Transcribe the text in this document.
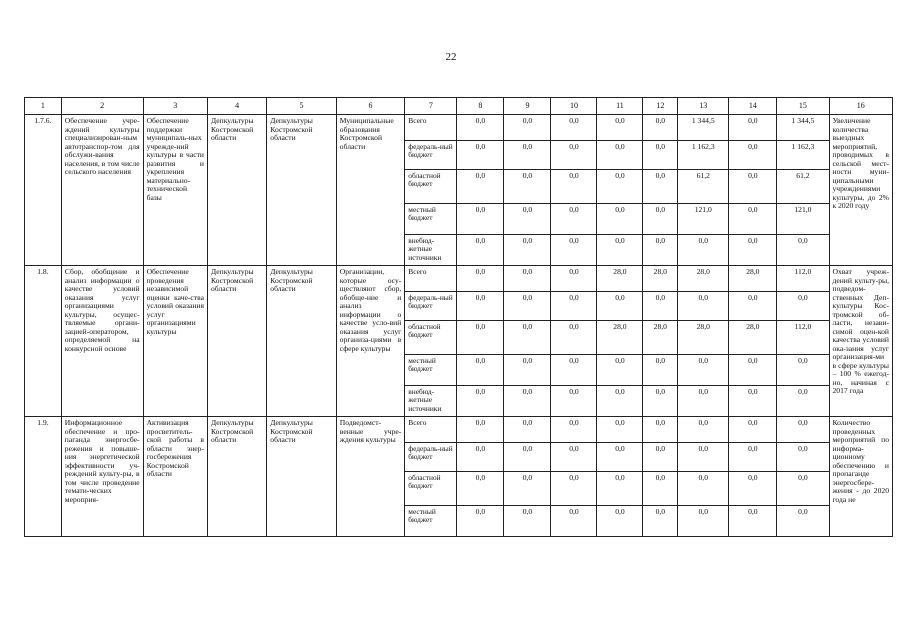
22
1	2	3	4	5	6	7	8	9	10	11	12	13	14	15	16
1.7.6.	Обеспечение учре-ждений культуры специализирован-ным автотранспор-том для обслужи-вания населения, в том числе сельского населения	Обеспечение поддержки муниципаль-ных учрежде-ний культуры в части развития и укрепления материально-технической базы	Депкультуры Костромской области	Депкультуры Костромской области	Муниципальные образования Костромской области	Всего	0,0	0,0	0,0	0,0	0,0	1 344,5	0,0	1 344,5	Увеличение количества выездных мероприятий, проводимых в сельской мест-ности муни-ципальными учреждениями культуры, до 2% к 2020 году
						федераль-ный бюджет	0,0	0,0	0,0	0,0	0,0	1 162,3	0,0	1 162,3	
						областной бюджет	0,0	0,0	0,0	0,0	0,0	61,2	0,0	61,2	
						местный бюджет	0,0	0,0	0,0	0,0	0,0	121,0	0,0	121,0	
						внебюд-жетные источники	0,0	0,0	0,0	0,0	0,0	0,0	0,0	0,0	
1.8.	Сбор, обобщение и анализ информации о качестве условий оказания услуг организациями культуры, осущес-твляемые органи-зацией-оператором, определяемой на конкурсной основе	Обеспечение проведения независимой оценки каче-ства условий оказания услуг организациями культуры	Депкультуры Костромской области	Депкультуры Костромской области	Организации, которые осу-ществляют сбор, обобще-ние и анализ информации о качестве усло-вий оказания услуг организа-циями в сфере культуры	Всего	0,0	0,0	0,0	28,0	28,0	28,0	28,0	112,0	Охват учреж-дений культу-ры, подведом-ственных Деп-культуры Кос-тромской об-ласти, незави-симой оцен-кой качества условий ока-зания услуг организация-ми в сфере культуры – 100 % ежегод-но, начиная с 2017 года
						федераль-ный бюджет	0,0	0,0	0,0	0,0	0,0	0,0	0,0	0,0	
						областной бюджет	0,0	0,0	0,0	28,0	28,0	28,0	28,0	112,0	
						местный бюджет	0,0	0,0	0,0	0,0	0,0	0,0	0,0	0,0	
						внебюд-жетные источники	0,0	0,0	0,0	0,0	0,0	0,0	0,0	0,0	
1.9.	Информационное обеспечение и про-паганда энергосбе-режения и повыше-ния энергетической эффективности уч-реждений культу-ры, в том числе проведение темати-ческих мероприя-	Активизация просветитель-ской работы в области энер-госбережения Костромской области	Депкультуры Костромской области	Депкультуры Костромской области	Подведомст-венные учре-ждения культуры	Всего	0,0	0,0	0,0	0,0	0,0	0,0	0,0	0,0	Количество проведенных мероприятий по информа-ционному обеспечению и пропаганде энергосбере-жения - до 2020 года не
						федераль-ный бюджет	0,0	0,0	0,0	0,0	0,0	0,0	0,0	0,0	
						областной бюджет	0,0	0,0	0,0	0,0	0,0	0,0	0,0	0,0	
						местный бюджет	0,0	0,0	0,0	0,0	0,0	0,0	0,0	0,0	
